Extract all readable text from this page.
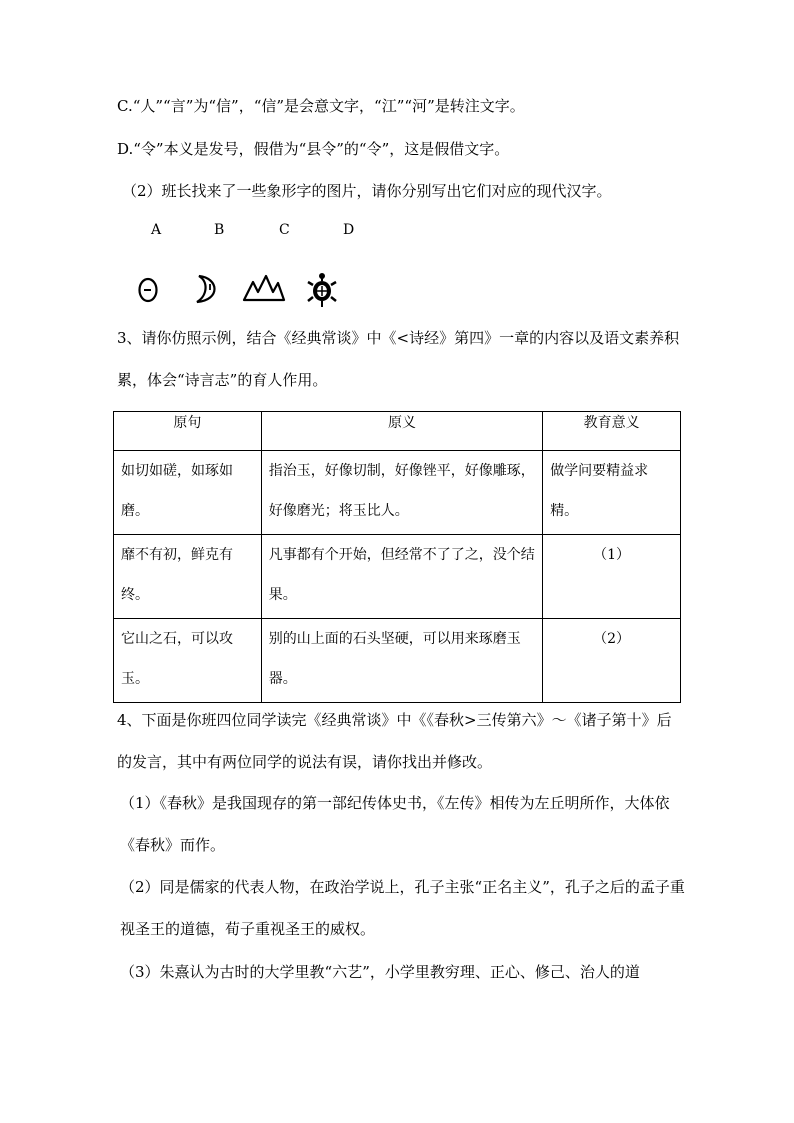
C.“人”“言”为“信”，“信”是会意文字，“江”“河”是转注文字。
D.“令”本义是发号，假借为“县令”的“令”，这是假借文字。
（2）班长找来了一些象形字的图片，请你分别写出它们对应的现代汉字。
A	B	C	D
3、请你仿照示例，结合《经典常谈》中《<诗经》第四》一章的内容以及语文素养积累，体会“诗言志”的育人作用。
原句	原义	教育意义
如切如磋，如琢如磨。	指治玉，好像切制，好像锉平，好像雕琢，好像磨光；将玉比人。	做学问要精益求精。
靡不有初，鲜克有终。	凡事都有个开始，但经常不了了之，没个结果。	（1）
它山之石，可以攻玉。	别的山上面的石头坚硬，可以用来琢磨玉器。	（2）
4、下面是你班四位同学读完《经典常谈》中《《春秋>三传第六》～《诸子第十》后的发言，其中有两位同学的说法有误，请你找出并修改。
（1）《春秋》是我国现存的第一部纪传体史书，《左传》相传为左丘明所作，大体依《春秋》而作。
（2）同是儒家的代表人物，在政治学说上，孔子主张“正名主义”，孔子之后的孟子重视圣王的道德，荀子重视圣王的威权。
（3）朱熹认为古时的大学里教“六艺”，小学里教穷理、正心、修己、治人的道
